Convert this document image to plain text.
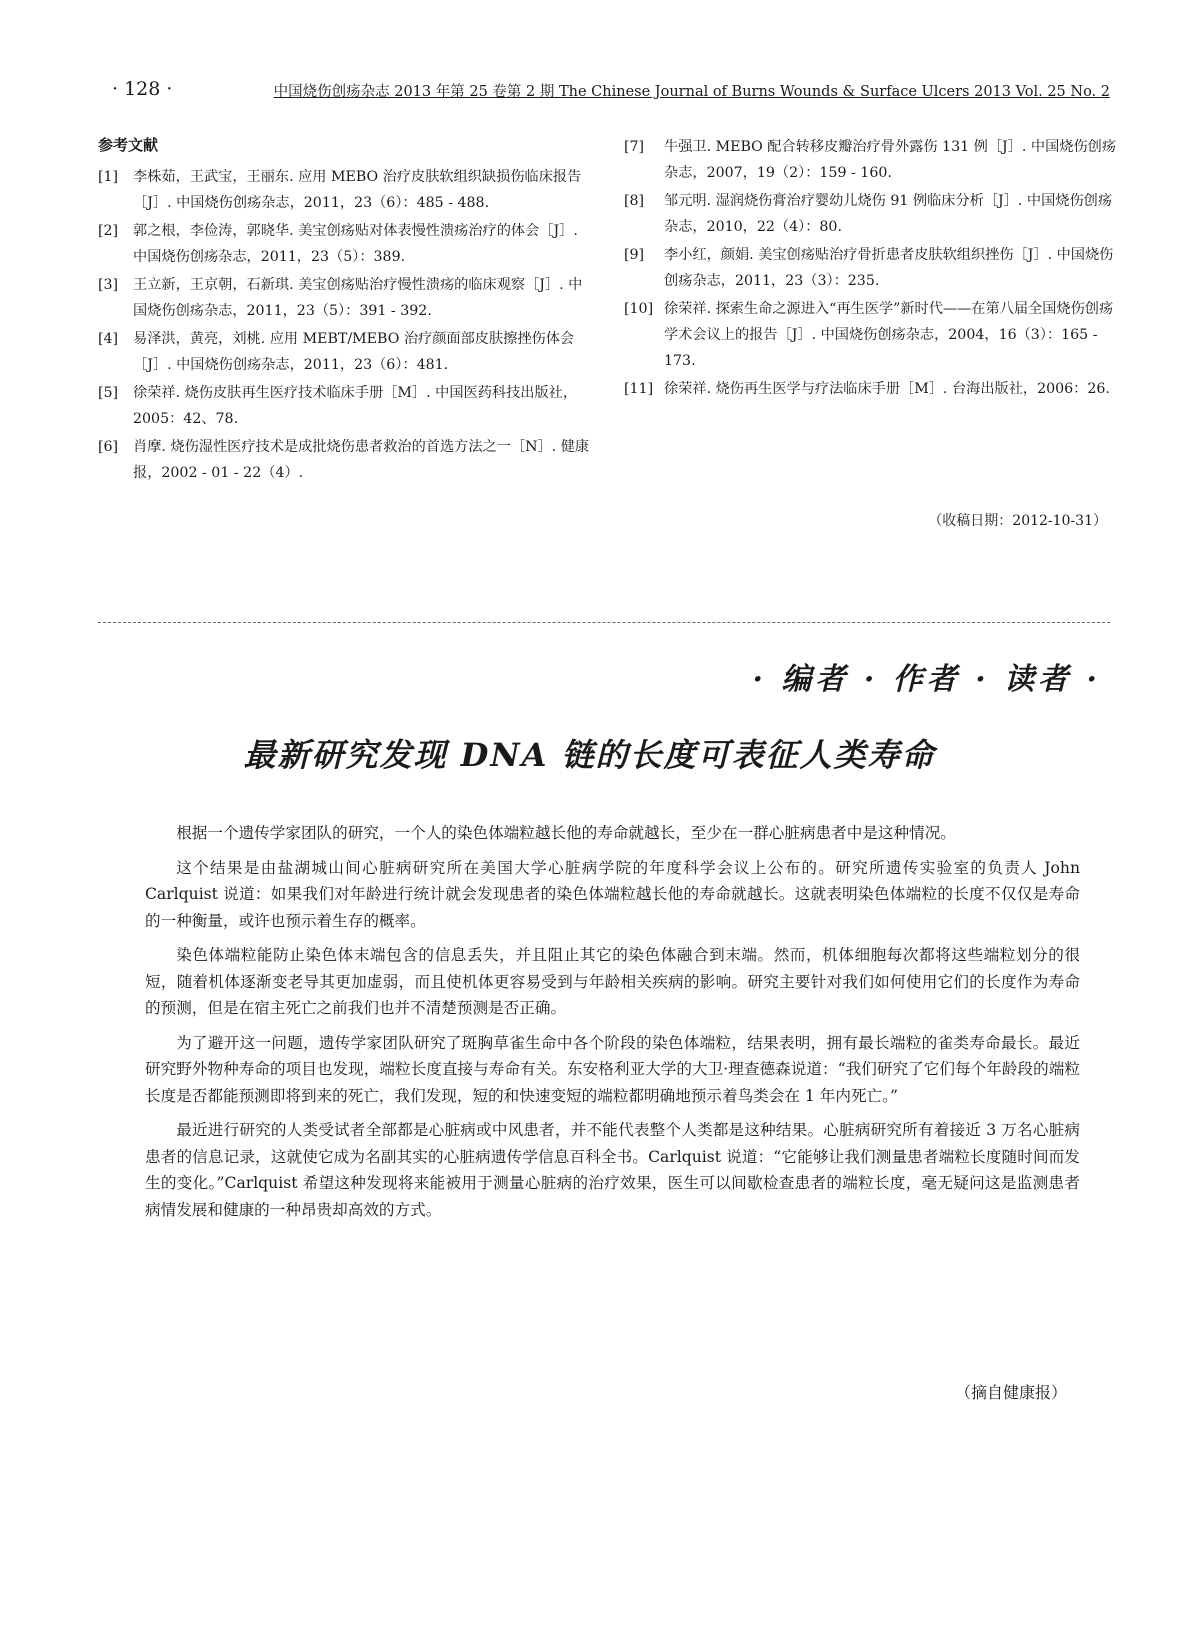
· 128 ·	中国烧伤创疡杂志 2013 年第 25 卷第 2 期 The Chinese Journal of Burns Wounds & Surface Ulcers 2013 Vol. 25 No. 2
参考文献
[1] 李株茹，王武宝，王丽东. 应用 MEBO 治疗皮肤软组织缺损伤临床报告［J］. 中国烧伤创疡杂志，2011，23（6）：485 - 488.
[2] 郭之根，李俭涛，郭晓华. 美宝创疡贴对体表慢性溃疡治疗的体会［J］. 中国烧伤创疡杂志，2011，23（5）：389.
[3] 王立新，王京朝，石新琪. 美宝创疡贴治疗慢性溃疡的临床观察［J］. 中国烧伤创疡杂志，2011，23（5）：391 - 392.
[4] 易泽洪，黄亮，刘桃. 应用 MEBT/MEBO 治疗颜面部皮肤擦挫伤体会［J］. 中国烧伤创疡杂志，2011，23（6）：481.
[5] 徐荣祥. 烧伤皮肤再生医疗技术临床手册［M］. 中国医药科技出版社，2005：42、78.
[6] 肖摩. 烧伤湿性医疗技术是成批烧伤患者救治的首选方法之一［N］. 健康报，2002 - 01 - 22（4）.
[7] 牛强卫. MEBO 配合转移皮瓣治疗骨外露伤 131 例［J］. 中国烧伤创疡杂志，2007，19（2）：159 - 160.
[8] 邹元明. 湿润烧伤膏治疗婴幼儿烧伤 91 例临床分析［J］. 中国烧伤创疡杂志，2010，22（4）：80.
[9] 李小红，颜娟. 美宝创疡贴治疗骨折患者皮肤软组织挫伤［J］. 中国烧伤创疡杂志，2011，23（3）：235.
[10] 徐荣祥. 探索生命之源进入“再生医学”新时代——在第八届全国烧伤创疡学术会议上的报告［J］. 中国烧伤创疡杂志，2004，16（3）：165 - 173.
[11] 徐荣祥. 烧伤再生医学与疗法临床手册［M］. 台海出版社，2006：26.
（收稿日期：2012-10-31）
· 编者 · 作者 · 读者 ·
最新研究发现 DNA 链的长度可表征人类寿命

根据一个遗传学家团队的研究，一个人的染色体端粒越长他的寿命就越长，至少在一群心脏病患者中是这种情况。

这个结果是由盐湖城山间心脏病研究所在美国大学心脏病学院的年度科学会议上公布的。研究所遗传实验室的负责人 John Carlquist 说道：如果我们对年龄进行统计就会发现患者的染色体端粒越长他的寿命就越长。这就表明染色体端粒的长度不仅仅是寿命的一种衡量，或许也预示着生存的概率。

染色体端粒能防止染色体末端包含的信息丢失，并且阻止其它的染色体融合到末端。然而，机体细胞每次都将这些端粒划分的很短，随着机体逐渐变老导其更加虚弱，而且使机体更容易受到与年龄相关疾病的影响。研究主要针对我们如何使用它们的长度作为寿命的预测，但是在宿主死亡之前我们也并不清楚预测是否正确。

为了避开这一问题，遗传学家团队研究了斑胸草雀生命中各个阶段的染色体端粒，结果表明，拥有最长端粒的雀类寿命最长。最近研究野外物种寿命的项目也发现，端粒长度直接与寿命有关。东安格利亚大学的大卫·理查德森说道：“我们研究了它们每个年龄段的端粒长度是否都能预测即将到来的死亡，我们发现，短的和快速变短的端粒都明确地预示着鸟类会在 1 年内死亡。”

最近进行研究的人类受试者全部都是心脏病或中风患者，并不能代表整个人类都是这种结果。心脏病研究所有着接近 3 万名心脏病患者的信息记录，这就使它成为名副其实的心脏病遗传学信息百科全书。Carlquist 说道：“它能够让我们测量患者端粒长度随时间而发生的变化。”Carlquist 希望这种发现将来能被用于测量心脏病的治疗效果，医生可以间歇检查患者的端粒长度，毫无疑问这是监测患者病情发展和健康的一种昂贵却高效的方式。

（摘自健康报）
